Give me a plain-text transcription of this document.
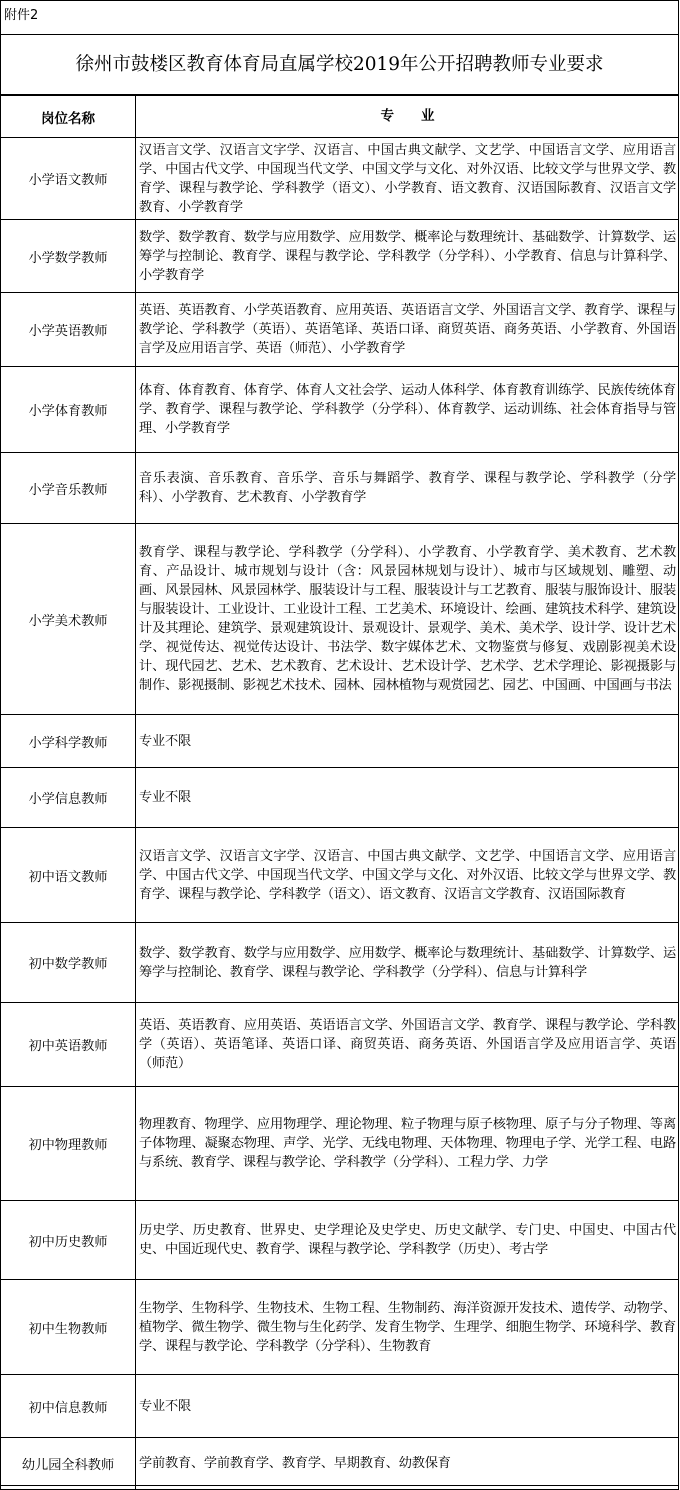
附件2
徐州市鼓楼区教育体育局直属学校2019年公开招聘教师专业要求
岗位名称	专　　业
小学语文教师	汉语言文学、汉语言文字学、汉语言、中国古典文献学、文艺学、中国语言文学、应用语言学、中国古代文学、中国现当代文学、中国文学与文化、对外汉语、比较文学与世界文学、教育学、课程与教学论、学科教学（语文）、小学教育、语文教育、汉语国际教育、汉语言文学教育、小学教育学
小学数学教师	数学、数学教育、数学与应用数学、应用数学、概率论与数理统计、基础数学、计算数学、运筹学与控制论、教育学、课程与教学论、学科教学（分学科）、小学教育、信息与计算科学、小学教育学
小学英语教师	英语、英语教育、小学英语教育、应用英语、英语语言文学、外国语言文学、教育学、课程与教学论、学科教学（英语）、英语笔译、英语口译、商贸英语、商务英语、小学教育、外国语言学及应用语言学、英语（师范）、小学教育学
小学体育教师	体育、体育教育、体育学、体育人文社会学、运动人体科学、体育教育训练学、民族传统体育学、教育学、课程与教学论、学科教学（分学科）、体育教学、运动训练、社会体育指导与管理、小学教育学
小学音乐教师	音乐表演、音乐教育、音乐学、音乐与舞蹈学、教育学、课程与教学论、学科教学（分学科）、小学教育、艺术教育、小学教育学
小学美术教师	教育学、课程与教学论、学科教学（分学科）、小学教育、小学教育学、美术教育、艺术教育、产品设计、城市规划与设计（含：风景园林规划与设计）、城市与区域规划、雕塑、动画、风景园林、风景园林学、服装设计与工程、服装设计与工艺教育、服装与服饰设计、服装与服装设计、工业设计、工业设计工程、工艺美术、环境设计、绘画、建筑技术科学、建筑设计及其理论、建筑学、景观建筑设计、景观设计、景观学、美术、美术学、设计学、设计艺术学、视觉传达、视觉传达设计、书法学、数字媒体艺术、文物鉴赏与修复、戏剧影视美术设计、现代园艺、艺术、艺术教育、艺术设计、艺术设计学、艺术学、艺术学理论、影视摄影与制作、影视摄制、影视艺术技术、园林、园林植物与观赏园艺、园艺、中国画、中国画与书法
小学科学教师	专业不限
小学信息教师	专业不限
初中语文教师	汉语言文学、汉语言文字学、汉语言、中国古典文献学、文艺学、中国语言文学、应用语言学、中国古代文学、中国现当代文学、中国文学与文化、对外汉语、比较文学与世界文学、教育学、课程与教学论、学科教学（语文）、语文教育、汉语言文学教育、汉语国际教育
初中数学教师	数学、数学教育、数学与应用数学、应用数学、概率论与数理统计、基础数学、计算数学、运筹学与控制论、教育学、课程与教学论、学科教学（分学科）、信息与计算科学
初中英语教师	英语、英语教育、应用英语、英语语言文学、外国语言文学、教育学、课程与教学论、学科教学（英语）、英语笔译、英语口译、商贸英语、商务英语、外国语言学及应用语言学、英语（师范）
初中物理教师	物理教育、物理学、应用物理学、理论物理、粒子物理与原子核物理、原子与分子物理、等离子体物理、凝聚态物理、声学、光学、无线电物理、天体物理、物理电子学、光学工程、电路与系统、教育学、课程与教学论、学科教学（分学科）、工程力学、力学
初中历史教师	历史学、历史教育、世界史、史学理论及史学史、历史文献学、专门史、中国史、中国古代史、中国近现代史、教育学、课程与教学论、学科教学（历史）、考古学
初中生物教师	生物学、生物科学、生物技术、生物工程、生物制药、海洋资源开发技术、遗传学、动物学、植物学、微生物学、微生物与生化药学、发育生物学、生理学、细胞生物学、环境科学、教育学、课程与教学论、学科教学（分学科）、生物教育
初中信息教师	专业不限
幼儿园全科教师	学前教育、学前教育学、教育学、早期教育、幼教保育
